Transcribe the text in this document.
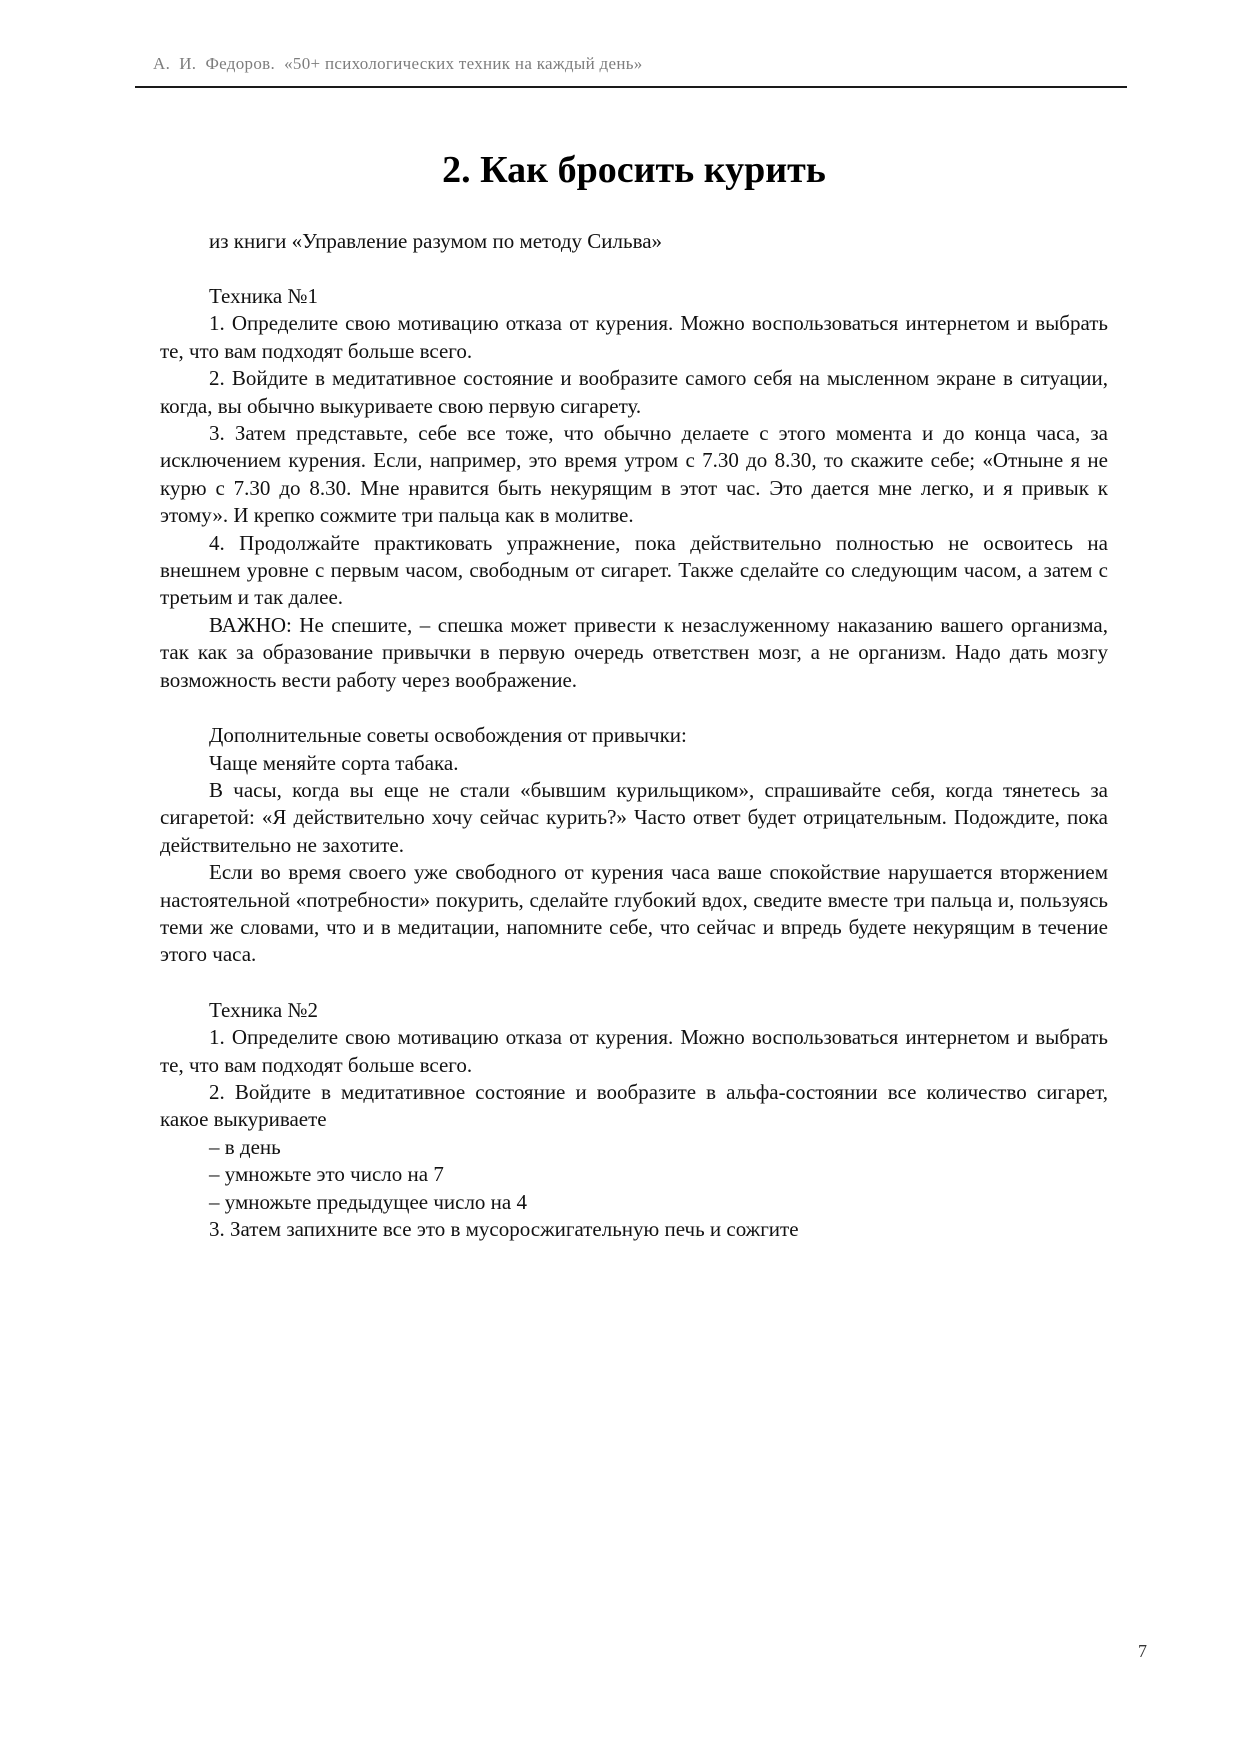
А.  И.  Федоров.  «50+ психологических техник на каждый день»
2. Как бросить курить

из книги «Управление разумом по методу Сильва»

Техника №1

1. Определите свою мотивацию отказа от курения. Можно воспользоваться интернетом и выбрать те, что вам подходят больше всего.

2. Войдите в медитативное состояние и вообразите самого себя на мысленном экране в ситуации, когда, вы обычно выкуриваете свою первую сигарету.

3. Затем представьте, себе все тоже, что обычно делаете с этого момента и до конца часа, за исключением курения. Если, например, это время утром с 7.30 до 8.30, то скажите себе; «Отныне я не курю с 7.30 до 8.30. Мне нравится быть некурящим в этот час. Это дается мне легко, и я привык к этому». И крепко сожмите три пальца как в молитве.

4. Продолжайте практиковать упражнение, пока действительно полностью не освоитесь на внешнем уровне с первым часом, свободным от сигарет. Также сделайте со следующим часом, а затем с третьим и так далее.

ВАЖНО: Не спешите, – спешка может привести к незаслуженному наказанию вашего организма, так как за образование привычки в первую очередь ответствен мозг, а не организм. Надо дать мозгу возможность вести работу через воображение.

Дополнительные советы освобождения от привычки:

Чаще меняйте сорта табака.

В часы, когда вы еще не стали «бывшим курильщиком», спрашивайте себя, когда тянетесь за сигаретой: «Я действительно хочу сейчас курить?» Часто ответ будет отрицательным. Подождите, пока действительно не захотите.

Если во время своего уже свободного от курения часа ваше спокойствие нарушается вторжением настоятельной «потребности» покурить, сделайте глубокий вдох, сведите вместе три пальца и, пользуясь теми же словами, что и в медитации, напомните себе, что сейчас и впредь будете некурящим в течение этого часа.

Техника №2

1. Определите свою мотивацию отказа от курения. Можно воспользоваться интернетом и выбрать те, что вам подходят больше всего.

2. Войдите в медитативное состояние и вообразите в альфа-состоянии все количество сигарет, какое выкуриваете

– в день

– умножьте это число на 7

– умножьте предыдущее число на 4

3. Затем запихните все это в мусоросжигательную печь и сожгите

7
